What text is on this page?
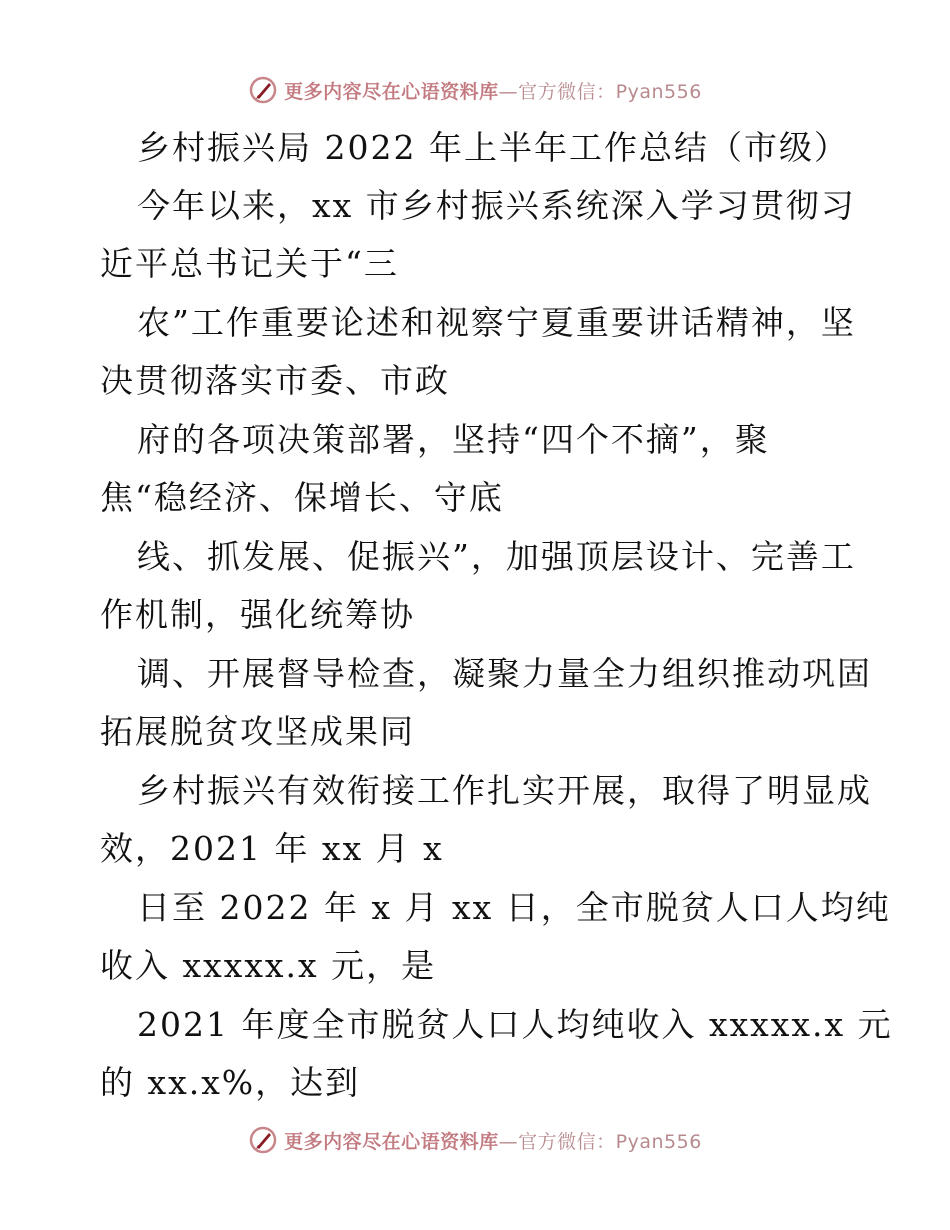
更多内容尽在心语资料库—官方微信：Pyan556
乡村振兴局 2022 年上半年工作总结（市级）
今年以来，xx 市乡村振兴系统深入学习贯彻习
近平总书记关于“三
农”工作重要论述和视察宁夏重要讲话精神，坚
决贯彻落实市委、市政
府的各项决策部署，坚持“四个不摘”，聚
焦“稳经济、保增长、守底
线、抓发展、促振兴”，加强顶层设计、完善工
作机制，强化统筹协
调、开展督导检查，凝聚力量全力组织推动巩固
拓展脱贫攻坚成果同
乡村振兴有效衔接工作扎实开展，取得了明显成
效，2021 年 xx 月 x
日至 2022 年 x 月 xx 日，全市脱贫人口人均纯
收入 xxxxx.x 元，是
2021 年度全市脱贫人口人均纯收入 xxxxx.x 元
的 xx.x%，达到
更多内容尽在心语资料库—官方微信：Pyan556
